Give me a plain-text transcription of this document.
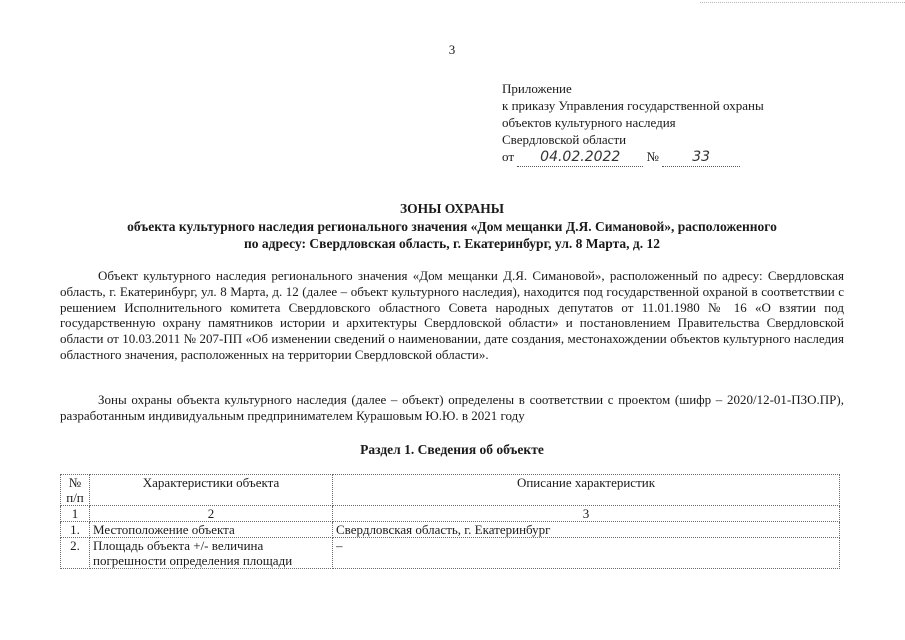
3
Приложение
к приказу Управления государственной охраны
объектов культурного наследия
Свердловской области
от 04.02.2022 № 33
ЗОНЫ ОХРАНЫ
объекта культурного наследия регионального значения «Дом мещанки Д.Я. Симановой», расположенного
по адресу: Свердловская область, г. Екатеринбург, ул. 8 Марта, д. 12
Объект культурного наследия регионального значения «Дом мещанки Д.Я. Симановой», расположенный по адресу: Свердловская область, г. Екатеринбург, ул. 8 Марта, д. 12 (далее – объект культурного наследия), находится под государственной охраной в соответствии с решением Исполнительного комитета Свердловского областного Совета народных депутатов от 11.01.1980 № 16 «О взятии под государственную охрану памятников истории и архитектуры Свердловской области» и постановлением Правительства Свердловской области от 10.03.2011 № 207-ПП «Об изменении сведений о наименовании, дате создания, местонахождении объектов культурного наследия областного значения, расположенных на территории Свердловской области».
Зоны охраны объекта культурного наследия (далее – объект) определены в соответствии с проектом (шифр – 2020/12-01-ПЗО.ПР), разработанным индивидуальным предпринимателем Курашовым Ю.Ю. в 2021 году
Раздел 1. Сведения об объекте
№ п/п	Характеристики объекта	Описание характеристик
1	2	3
1.	Местоположение объекта	Свердловская область, г. Екатеринбург
2.	Площадь объекта +/- величина погрешности определения площади	–
